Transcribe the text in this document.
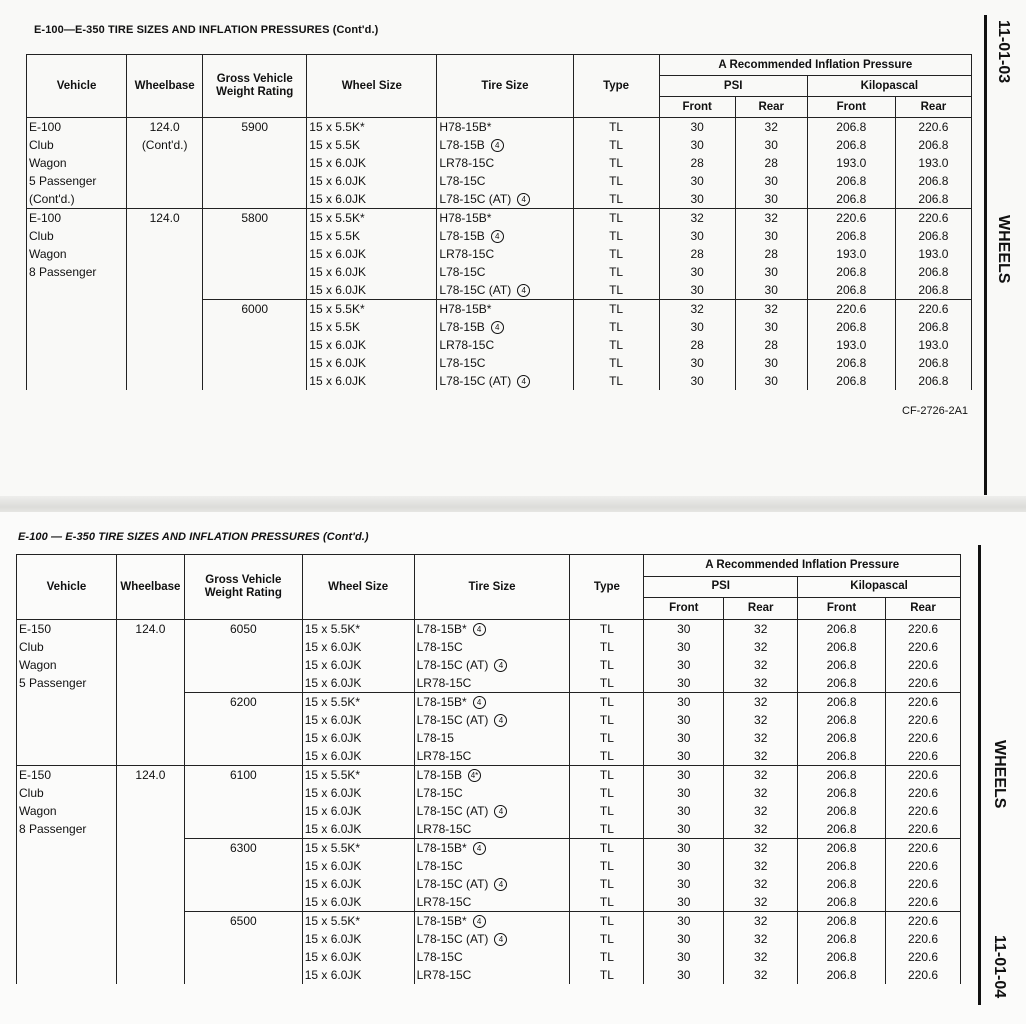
E-100—E-350 TIRE SIZES AND INFLATION PRESSURES (Cont'd.)	11-01-03
WHEELS
Vehicle	Wheelbase	Gross Vehicle Weight Rating	Wheel Size	Tire Size	Type	A Recommended Inflation Pressure			
						PSI		Kilopascal	
						Front	Rear	Front	Rear
E-100	124.0	5900	15 x 5.5K*	H78-15B*	TL	30	32	206.8	220.6
Club	(Cont'd.)		15 x 5.5K	L78-15B 4	TL	30	30	206.8	206.8
Wagon			15 x 6.0JK	LR78-15C	TL	28	28	193.0	193.0
5 Passenger			15 x 6.0JK	L78-15C	TL	30	30	206.8	206.8
(Cont'd.)			15 x 6.0JK	L78-15C (AT) 4	TL	30	30	206.8	206.8
E-100	124.0	5800	15 x 5.5K*	H78-15B*	TL	32	32	220.6	220.6
Club			15 x 5.5K	L78-15B 4	TL	30	30	206.8	206.8
Wagon			15 x 6.0JK	LR78-15C	TL	28	28	193.0	193.0
8 Passenger			15 x 6.0JK	L78-15C	TL	30	30	206.8	206.8
			15 x 6.0JK	L78-15C (AT) 4	TL	30	30	206.8	206.8
		6000	15 x 5.5K*	H78-15B*	TL	32	32	220.6	220.6
			15 x 5.5K	L78-15B 4	TL	30	30	206.8	206.8
			15 x 6.0JK	LR78-15C	TL	28	28	193.0	193.0
			15 x 6.0JK	L78-15C	TL	30	30	206.8	206.8
			15 x 6.0JK	L78-15C (AT) 4	TL	30	30	206.8	206.8
CF-2726-2A1
E-100 — E-350 TIRE SIZES AND INFLATION PRESSURES (Cont'd.)
WHEELS
11-01-04
Vehicle	Wheelbase	Gross Vehicle Weight Rating	Wheel Size	Tire Size	Type	A Recommended Inflation Pressure			
						PSI		Kilopascal	
						Front	Rear	Front	Rear
E-150	124.0	6050	15 x 5.5K*	L78-15B* 4	TL	30	32	206.8	220.6
Club			15 x 6.0JK	L78-15C	TL	30	32	206.8	220.6
Wagon			15 x 6.0JK	L78-15C (AT) 4	TL	30	32	206.8	220.6
5 Passenger			15 x 6.0JK	LR78-15C	TL	30	32	206.8	220.6
		6200	15 x 5.5K*	L78-15B* 4	TL	30	32	206.8	220.6
			15 x 6.0JK	L78-15C (AT) 4	TL	30	32	206.8	220.6
			15 x 6.0JK	L78-15	TL	30	32	206.8	220.6
			15 x 6.0JK	LR78-15C	TL	30	32	206.8	220.6
E-150	124.0	6100	15 x 5.5K*	L78-15B 4*	TL	30	32	206.8	220.6
Club			15 x 6.0JK	L78-15C	TL	30	32	206.8	220.6
Wagon			15 x 6.0JK	L78-15C (AT) 4	TL	30	32	206.8	220.6
8 Passenger			15 x 6.0JK	LR78-15C	TL	30	32	206.8	220.6
		6300	15 x 5.5K*	L78-15B* 4	TL	30	32	206.8	220.6
			15 x 6.0JK	L78-15C	TL	30	32	206.8	220.6
			15 x 6.0JK	L78-15C (AT) 4	TL	30	32	206.8	220.6
			15 x 6.0JK	LR78-15C	TL	30	32	206.8	220.6
		6500	15 x 5.5K*	L78-15B* 4	TL	30	32	206.8	220.6
			15 x 6.0JK	L78-15C (AT) 4	TL	30	32	206.8	220.6
			15 x 6.0JK	L78-15C	TL	30	32	206.8	220.6
			15 x 6.0JK	LR78-15C	TL	30	32	206.8	220.6
